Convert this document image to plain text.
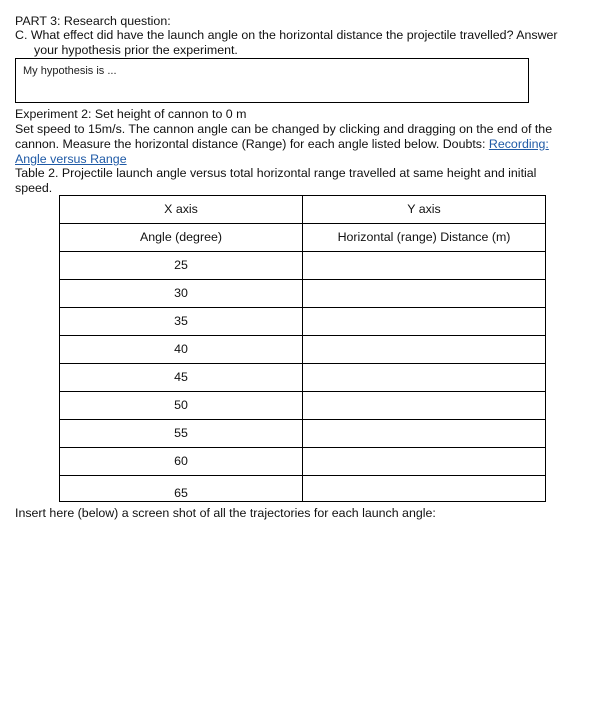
PART 3: Research question:
C. What effect did have the launch angle on the horizontal distance the projectile travelled? Answer
your hypothesis prior the experiment.
My hypothesis is ...
Experiment 2: Set height of cannon to 0 m
Set speed to 15m/s. The cannon angle can be changed by clicking and dragging on the end of the
cannon. Measure the horizontal distance (Range) for each angle listed below. Doubts: Recording:
Angle versus Range
Table 2. Projectile launch angle versus total horizontal range travelled at same height and initial
speed.
X axis	Y axis
Angle (degree)	Horizontal (range) Distance (m)
25	
30	
35	
40	
45	
50	
55	
60	
65	
Insert here (below) a screen shot of all the trajectories for each launch angle:
